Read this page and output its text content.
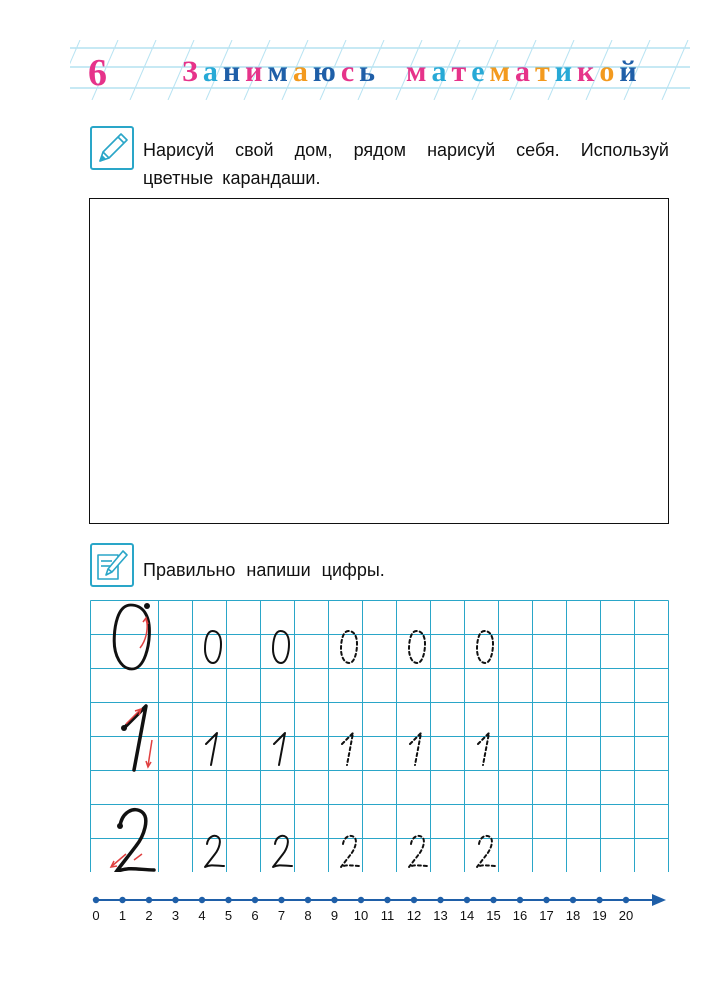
6	Занимаюсь математикой
Нарисуй свой дом, рядом нарисуй себя. Используй цветные карандаши.
Правильно напиши цифры.
0 1 2 3 4 5 6 7 8 9 10 11 12 13 14 15 16 17 18 19 20
